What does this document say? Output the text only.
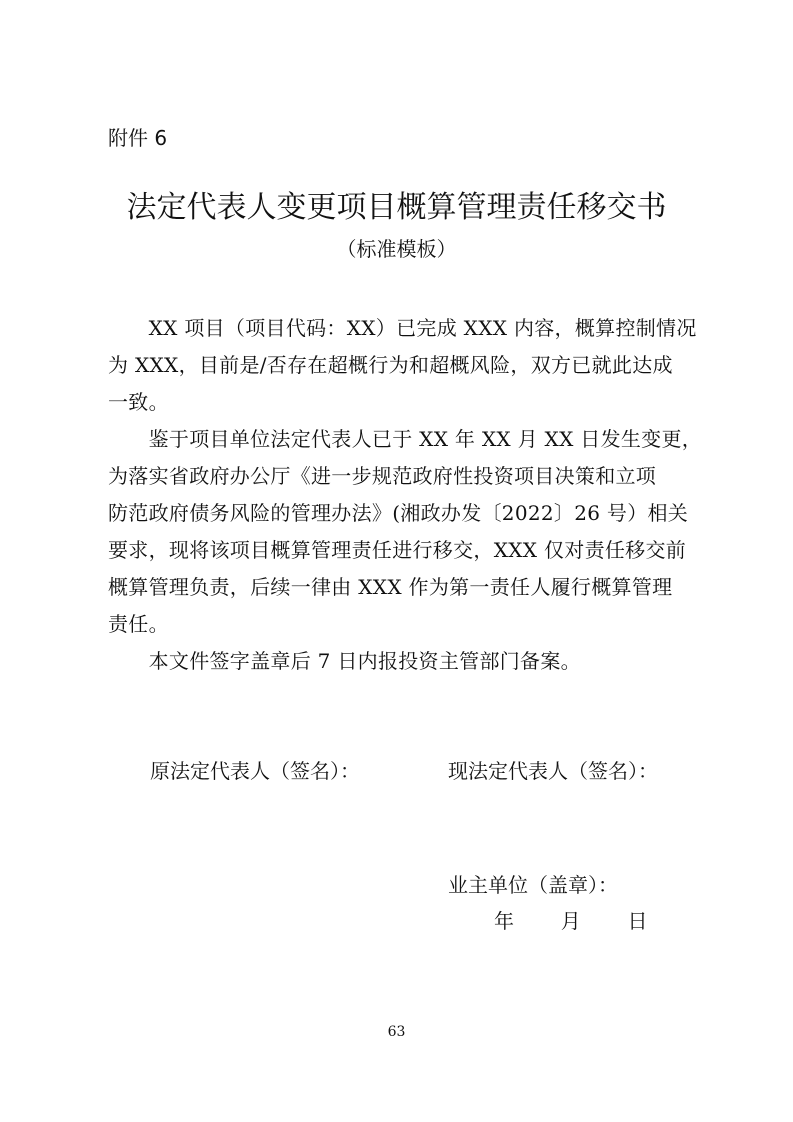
附件 6
法定代表人变更项目概算管理责任移交书
（标准模板）
　　XX 项目（项目代码：XX）已完成 XXX 内容，概算控制情况
为 XXX，目前是/否存在超概行为和超概风险，双方已就此达成
一致。
　　鉴于项目单位法定代表人已于 XX 年 XX 月 XX 日发生变更，
为落实省政府办公厅《进一步规范政府性投资项目决策和立项
防范政府债务风险的管理办法》(湘政办发〔2022〕26 号）相关
要求，现将该项目概算管理责任进行移交，XXX 仅对责任移交前
概算管理负责，后续一律由 XXX 作为第一责任人履行概算管理
责任。
　　本文件签字盖章后 7 日内报投资主管部门备案。
原法定代表人（签名）：	现法定代表人（签名）：
业主单位（盖章）：
年 月 日
63
